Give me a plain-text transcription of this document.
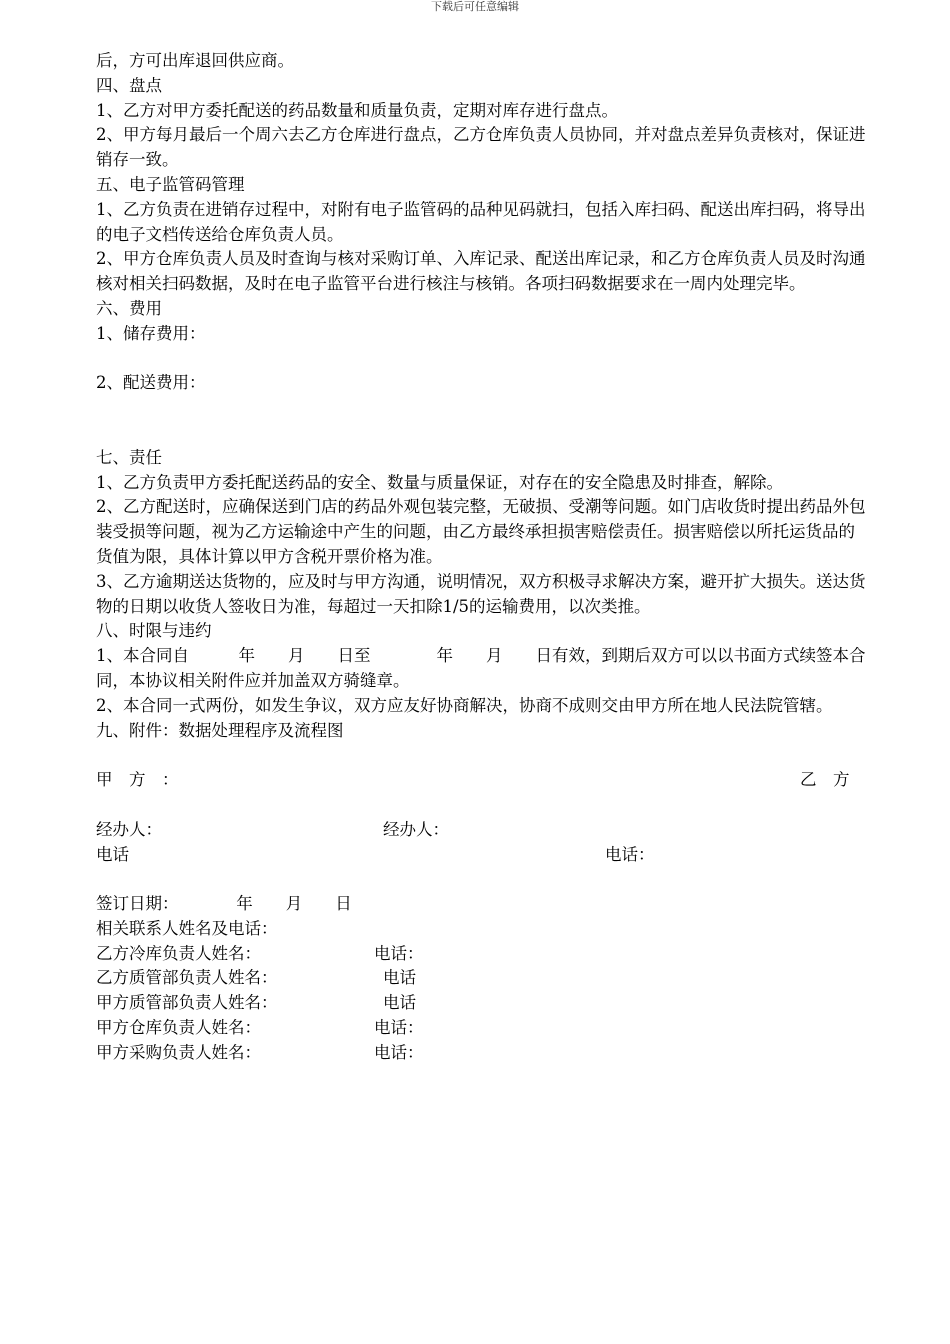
下载后可任意编辑

后，方可出库退回供应商。

四、盘点

1、乙方对甲方委托配送的药品数量和质量负责，定期对库存进行盘点。

2、甲方每月最后一个周六去乙方仓库进行盘点，乙方仓库负责人员协同，并对盘点差异负责核对，保证进销存一致。

五、电子监管码管理

1、乙方负责在进销存过程中，对附有电子监管码的品种见码就扫，包括入库扫码、配送出库扫码，将导出的电子文档传送给仓库负责人员。

2、甲方仓库负责人员及时查询与核对采购订单、入库记录、配送出库记录，和乙方仓库负责人员及时沟通核对相关扫码数据，及时在电子监管平台进行核注与核销。各项扫码数据要求在一周内处理完毕。

六、费用

1、储存费用：

2、配送费用：

七、责任

1、乙方负责甲方委托配送药品的安全、数量与质量保证，对存在的安全隐患及时排查，解除。

2、乙方配送时，应确保送到门店的药品外观包装完整，无破损、受潮等问题。如门店收货时提出药品外包装受损等问题，视为乙方运输途中产生的问题，由乙方最终承担损害赔偿责任。损害赔偿以所托运货品的货值为限，具体计算以甲方含税开票价格为准。

3、乙方逾期送达货物的，应及时与甲方沟通，说明情况，双方积极寻求解决方案，避开扩大损失。送达货物的日期以收货人签收日为准，每超过一天扣除1/5的运输费用，以次类推。

八、时限与违约

1、本合同自　　　年　　月　　日至　　　　年　　月　　日有效，到期后双方可以以书面方式续签本合同，本协议相关附件应并加盖双方骑缝章。

2、本合同一式两份，如发生争议，双方应友好协商解决，协商不成则交由甲方所在地人民法院管辖。

九、附件：数据处理程序及流程图

甲　方　：	乙　方
经办人：	经办人：
电话	电话：

签订日期：　　　　年　　月　　日

相关联系人姓名及电话：

乙方冷库负责人姓名：	电话：
乙方质管部负责人姓名：	电话
甲方质管部负责人姓名：	电话
甲方仓库负责人姓名：	电话：
甲方采购负责人姓名：	电话：
